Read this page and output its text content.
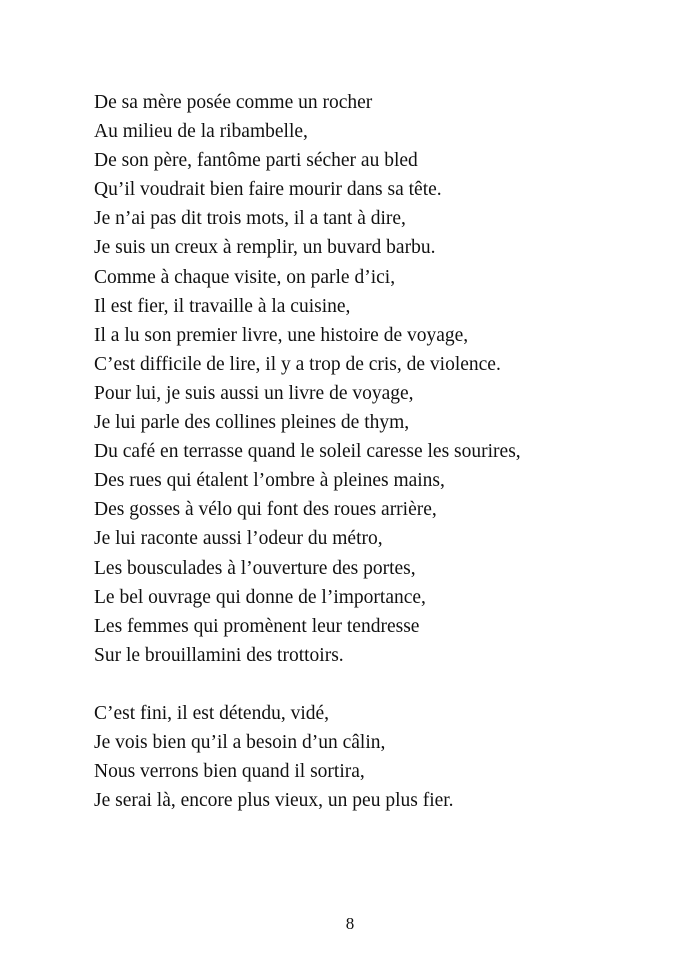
De sa mère posée comme un rocher
Au milieu de la ribambelle,
De son père, fantôme parti sécher au bled
Qu’il voudrait bien faire mourir dans sa tête.
Je n’ai pas dit trois mots, il a tant à dire,
Je suis un creux à remplir, un buvard barbu.
Comme à chaque visite, on parle d’ici,
Il est fier, il travaille à la cuisine,
Il a lu son premier livre, une histoire de voyage,
C’est difficile de lire, il y a trop de cris, de violence.
Pour lui, je suis aussi un livre de voyage,
Je lui parle des collines pleines de thym,
Du café en terrasse quand le soleil caresse les sourires,
Des rues qui étalent l’ombre à pleines mains,
Des gosses à vélo qui font des roues arrière,
Je lui raconte aussi l’odeur du métro,
Les bousculades à l’ouverture des portes,
Le bel ouvrage qui donne de l’importance,
Les femmes qui promènent leur tendresse
Sur le brouillamini des trottoirs.
C’est fini, il est détendu, vidé,
Je vois bien qu’il a besoin d’un câlin,
Nous verrons bien quand il sortira,
Je serai là, encore plus vieux, un peu plus fier.
8
